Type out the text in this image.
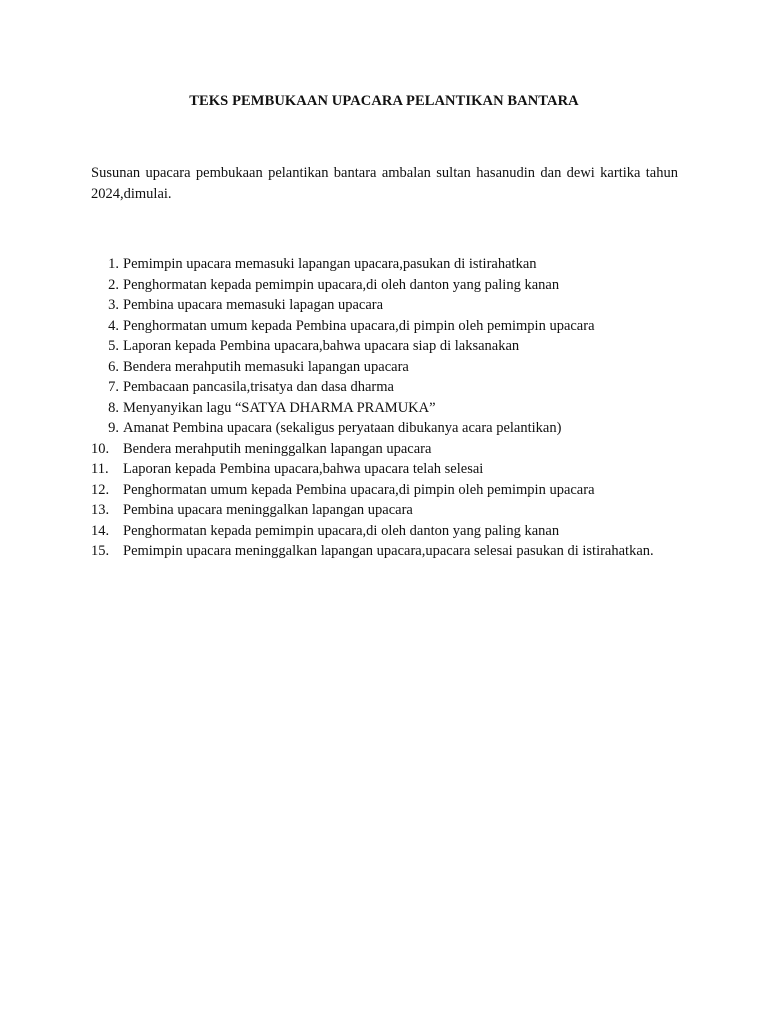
TEKS PEMBUKAAN UPACARA PELANTIKAN BANTARA
Susunan upacara pembukaan pelantikan bantara ambalan sultan hasanudin dan dewi kartika tahun 2024,dimulai.
1. Pemimpin upacara memasuki lapangan upacara,pasukan di istirahatkan
2. Penghormatan kepada pemimpin upacara,di oleh danton yang paling kanan
3. Pembina upacara memasuki lapagan upacara
4. Penghormatan umum kepada Pembina upacara,di pimpin oleh pemimpin upacara
5. Laporan kepada Pembina upacara,bahwa upacara siap di laksanakan
6. Bendera merahputih memasuki lapangan upacara
7. Pembacaan pancasila,trisatya dan dasa dharma
8. Menyanyikan lagu “SATYA DHARMA PRAMUKA”
9. Amanat Pembina upacara (sekaligus peryataan dibukanya acara pelantikan)
10. Bendera merahputih meninggalkan lapangan upacara
11. Laporan kepada Pembina upacara,bahwa upacara telah selesai
12. Penghormatan umum kepada Pembina upacara,di pimpin oleh pemimpin upacara
13. Pembina upacara meninggalkan lapangan upacara
14. Penghormatan kepada pemimpin upacara,di oleh danton yang paling kanan
15. Pemimpin upacara meninggalkan lapangan upacara,upacara selesai pasukan di istirahatkan.
